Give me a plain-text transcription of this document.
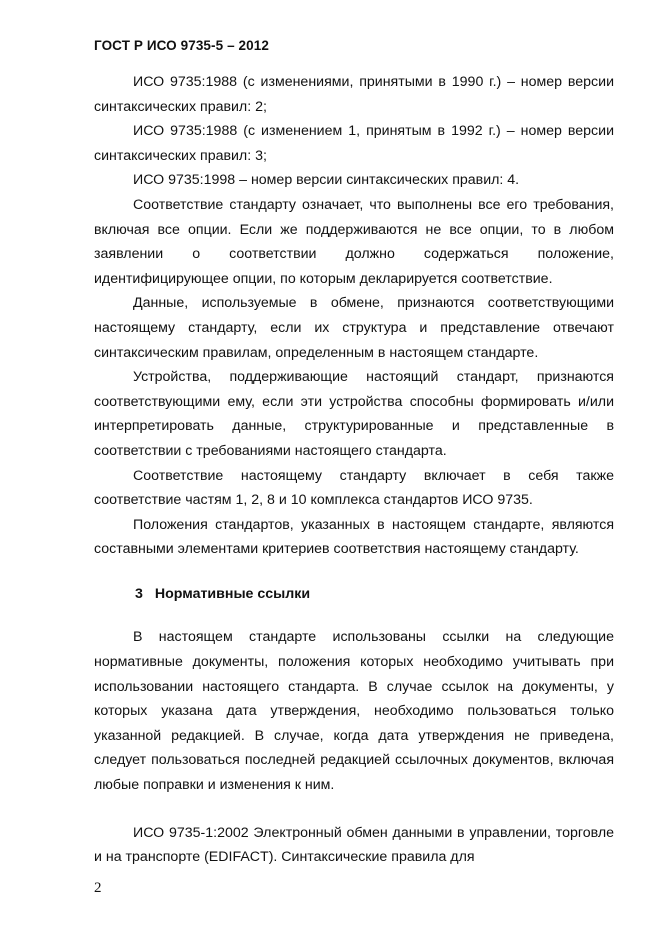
ГОСТ Р ИСО 9735-5 – 2012

ИСО 9735:1988 (с изменениями, принятыми в 1990 г.) – номер версии синтаксических правил: 2;

ИСО 9735:1988 (с изменением 1, принятым в 1992 г.) – номер версии синтаксических правил: 3;

ИСО 9735:1998 – номер версии синтаксических правил: 4.

Соответствие стандарту означает, что выполнены все его требования, включая все опции. Если же поддерживаются не все опции, то в любом заявлении о соответствии должно содержаться положение, идентифицирующее опции, по которым декларируется соответствие.

Данные, используемые в обмене, признаются соответствующими настоящему стандарту, если их структура и представление отвечают синтаксическим правилам, определенным в настоящем стандарте.

Устройства, поддерживающие настоящий стандарт, признаются соответствующими ему, если эти устройства способны формировать и/или интерпретировать данные, структурированные и представленные в соответствии с требованиями настоящего стандарта.

Соответствие настоящему стандарту включает в себя также соответствие частям 1, 2, 8 и 10 комплекса стандартов ИСО 9735.

Положения стандартов, указанных в настоящем стандарте, являются составными элементами критериев соответствия настоящему стандарту.

3 Нормативные ссылки

В настоящем стандарте использованы ссылки на следующие нормативные документы, положения которых необходимо учитывать при использовании настоящего стандарта. В случае ссылок на документы, у которых указана дата утверждения, необходимо пользоваться только указанной редакцией. В случае, когда дата утверждения не приведена, следует пользоваться последней редакцией ссылочных документов, включая любые поправки и изменения к ним.

ИСО 9735-1:2002 Электронный обмен данными в управлении, торговле и на транспорте (EDIFACT). Синтаксические правила для

2
